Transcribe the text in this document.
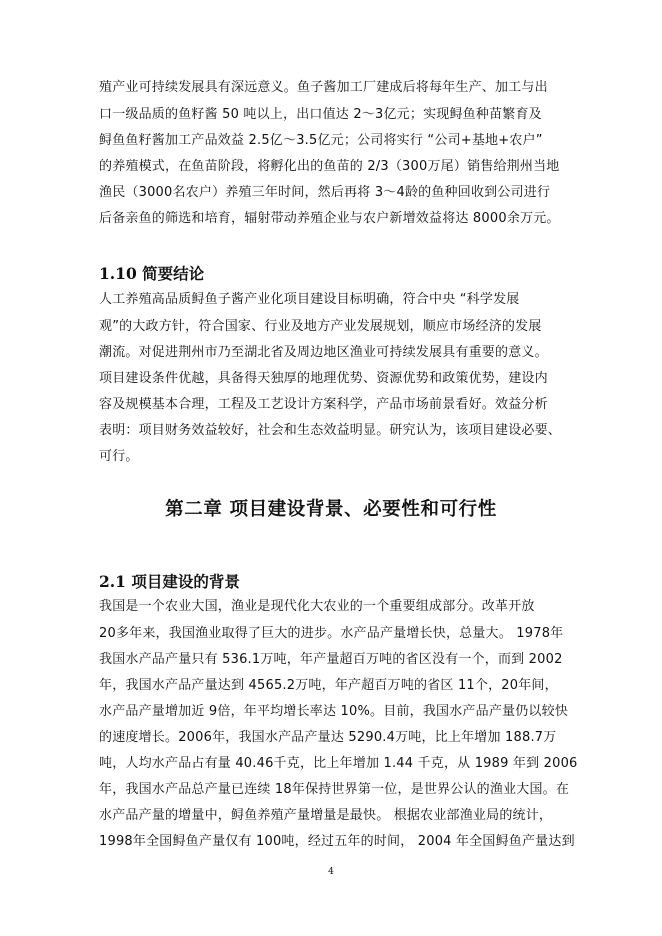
殖产业可持续发展具有深远意义。鱼子酱加工厂建成后将每年生产、加工与出
口一级品质的鱼籽酱 50 吨以上，出口值达 2～3亿元；实现鲟鱼种苗繁育及
鲟鱼鱼籽酱加工产品效益 2.5亿～3.5亿元；公司将实行 “公司+基地+农户”
的养殖模式，在鱼苗阶段，将孵化出的鱼苗的 2/3（300万尾）销售给荆州当地
渔民（3000名农户）养殖三年时间，然后再将 3～4龄的鱼种回收到公司进行
后备亲鱼的筛选和培育，辐射带动养殖企业与农户新增效益将达 8000余万元。
1.10 简要结论
人工养殖高品质鲟鱼子酱产业化项目建设目标明确，符合中央 “科学发展
观”的大政方针，符合国家、行业及地方产业发展规划，顺应市场经济的发展
潮流。对促进荆州市乃至湖北省及周边地区渔业可持续发展具有重要的意义。
项目建设条件优越，具备得天独厚的地理优势、资源优势和政策优势，建设内
容及规模基本合理，工程及工艺设计方案科学，产品市场前景看好。效益分析
表明：项目财务效益较好，社会和生态效益明显。研究认为，该项目建设必要、
可行。
第二章 项目建设背景、必要性和可行性
2.1 项目建设的背景
我国是一个农业大国，渔业是现代化大农业的一个重要组成部分。改革开放
20多年来，我国渔业取得了巨大的进步。水产品产量增长快，总量大。 1978年
我国水产品产量只有 536.1万吨，年产量超百万吨的省区没有一个，而到 2002
年，我国水产品产量达到 4565.2万吨，年产超百万吨的省区 11个，20年间，
水产品产量增加近 9倍，年平均增长率达 10%。目前，我国水产品产量仍以较快
的速度增长。2006年，我国水产品产量达 5290.4万吨，比上年增加 188.7万
吨，人均水产品占有量 40.46千克，比上年增加 1.44 千克，从 1989 年到 2006
年，我国水产品总产量已连续 18年保持世界第一位，是世界公认的渔业大国。在
水产品产量的增量中，鲟鱼养殖产量增量是最快。 根据农业部渔业局的统计，
1998年全国鲟鱼产量仅有 100吨，经过五年的时间， 2004 年全国鲟鱼产量达到
4
